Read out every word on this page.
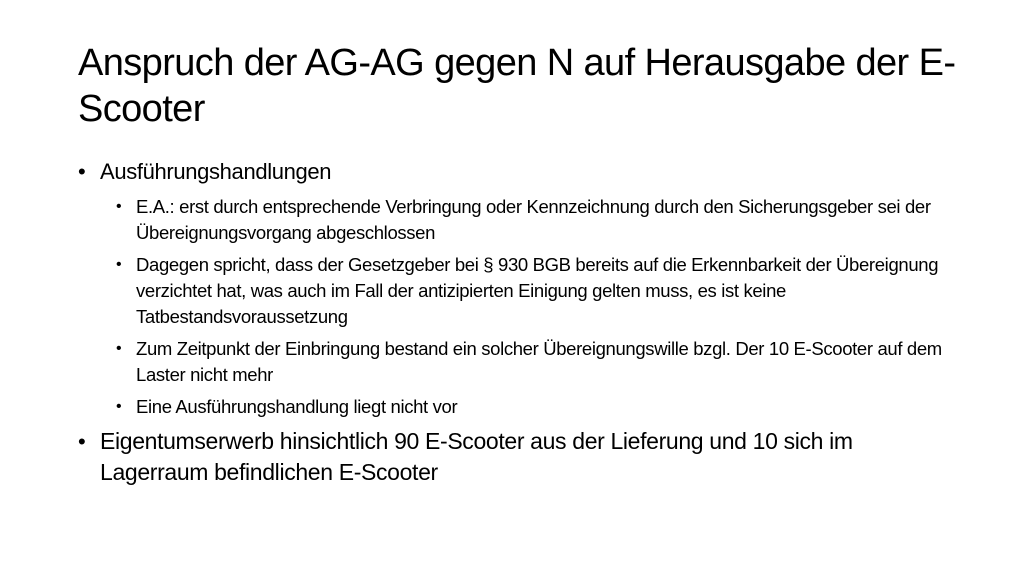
Anspruch der AG-AG gegen N auf Herausgabe der E-Scooter
• Ausführungshandlungen
• E.A.: erst durch entsprechende Verbringung oder Kennzeichnung durch den Sicherungsgeber sei der Übereignungsvorgang abgeschlossen
• Dagegen spricht, dass der Gesetzgeber bei § 930 BGB bereits auf die Erkennbarkeit der Übereignung verzichtet hat, was auch im Fall der antizipierten Einigung gelten muss, es ist keine Tatbestandsvoraussetzung
• Zum Zeitpunkt der Einbringung bestand ein solcher Übereignungswille bzgl. Der 10 E-Scooter auf dem Laster nicht mehr
• Eine Ausführungshandlung liegt nicht vor
• Eigentumserwerb hinsichtlich 90 E-Scooter aus der Lieferung und 10 sich im Lagerraum befindlichen E-Scooter
